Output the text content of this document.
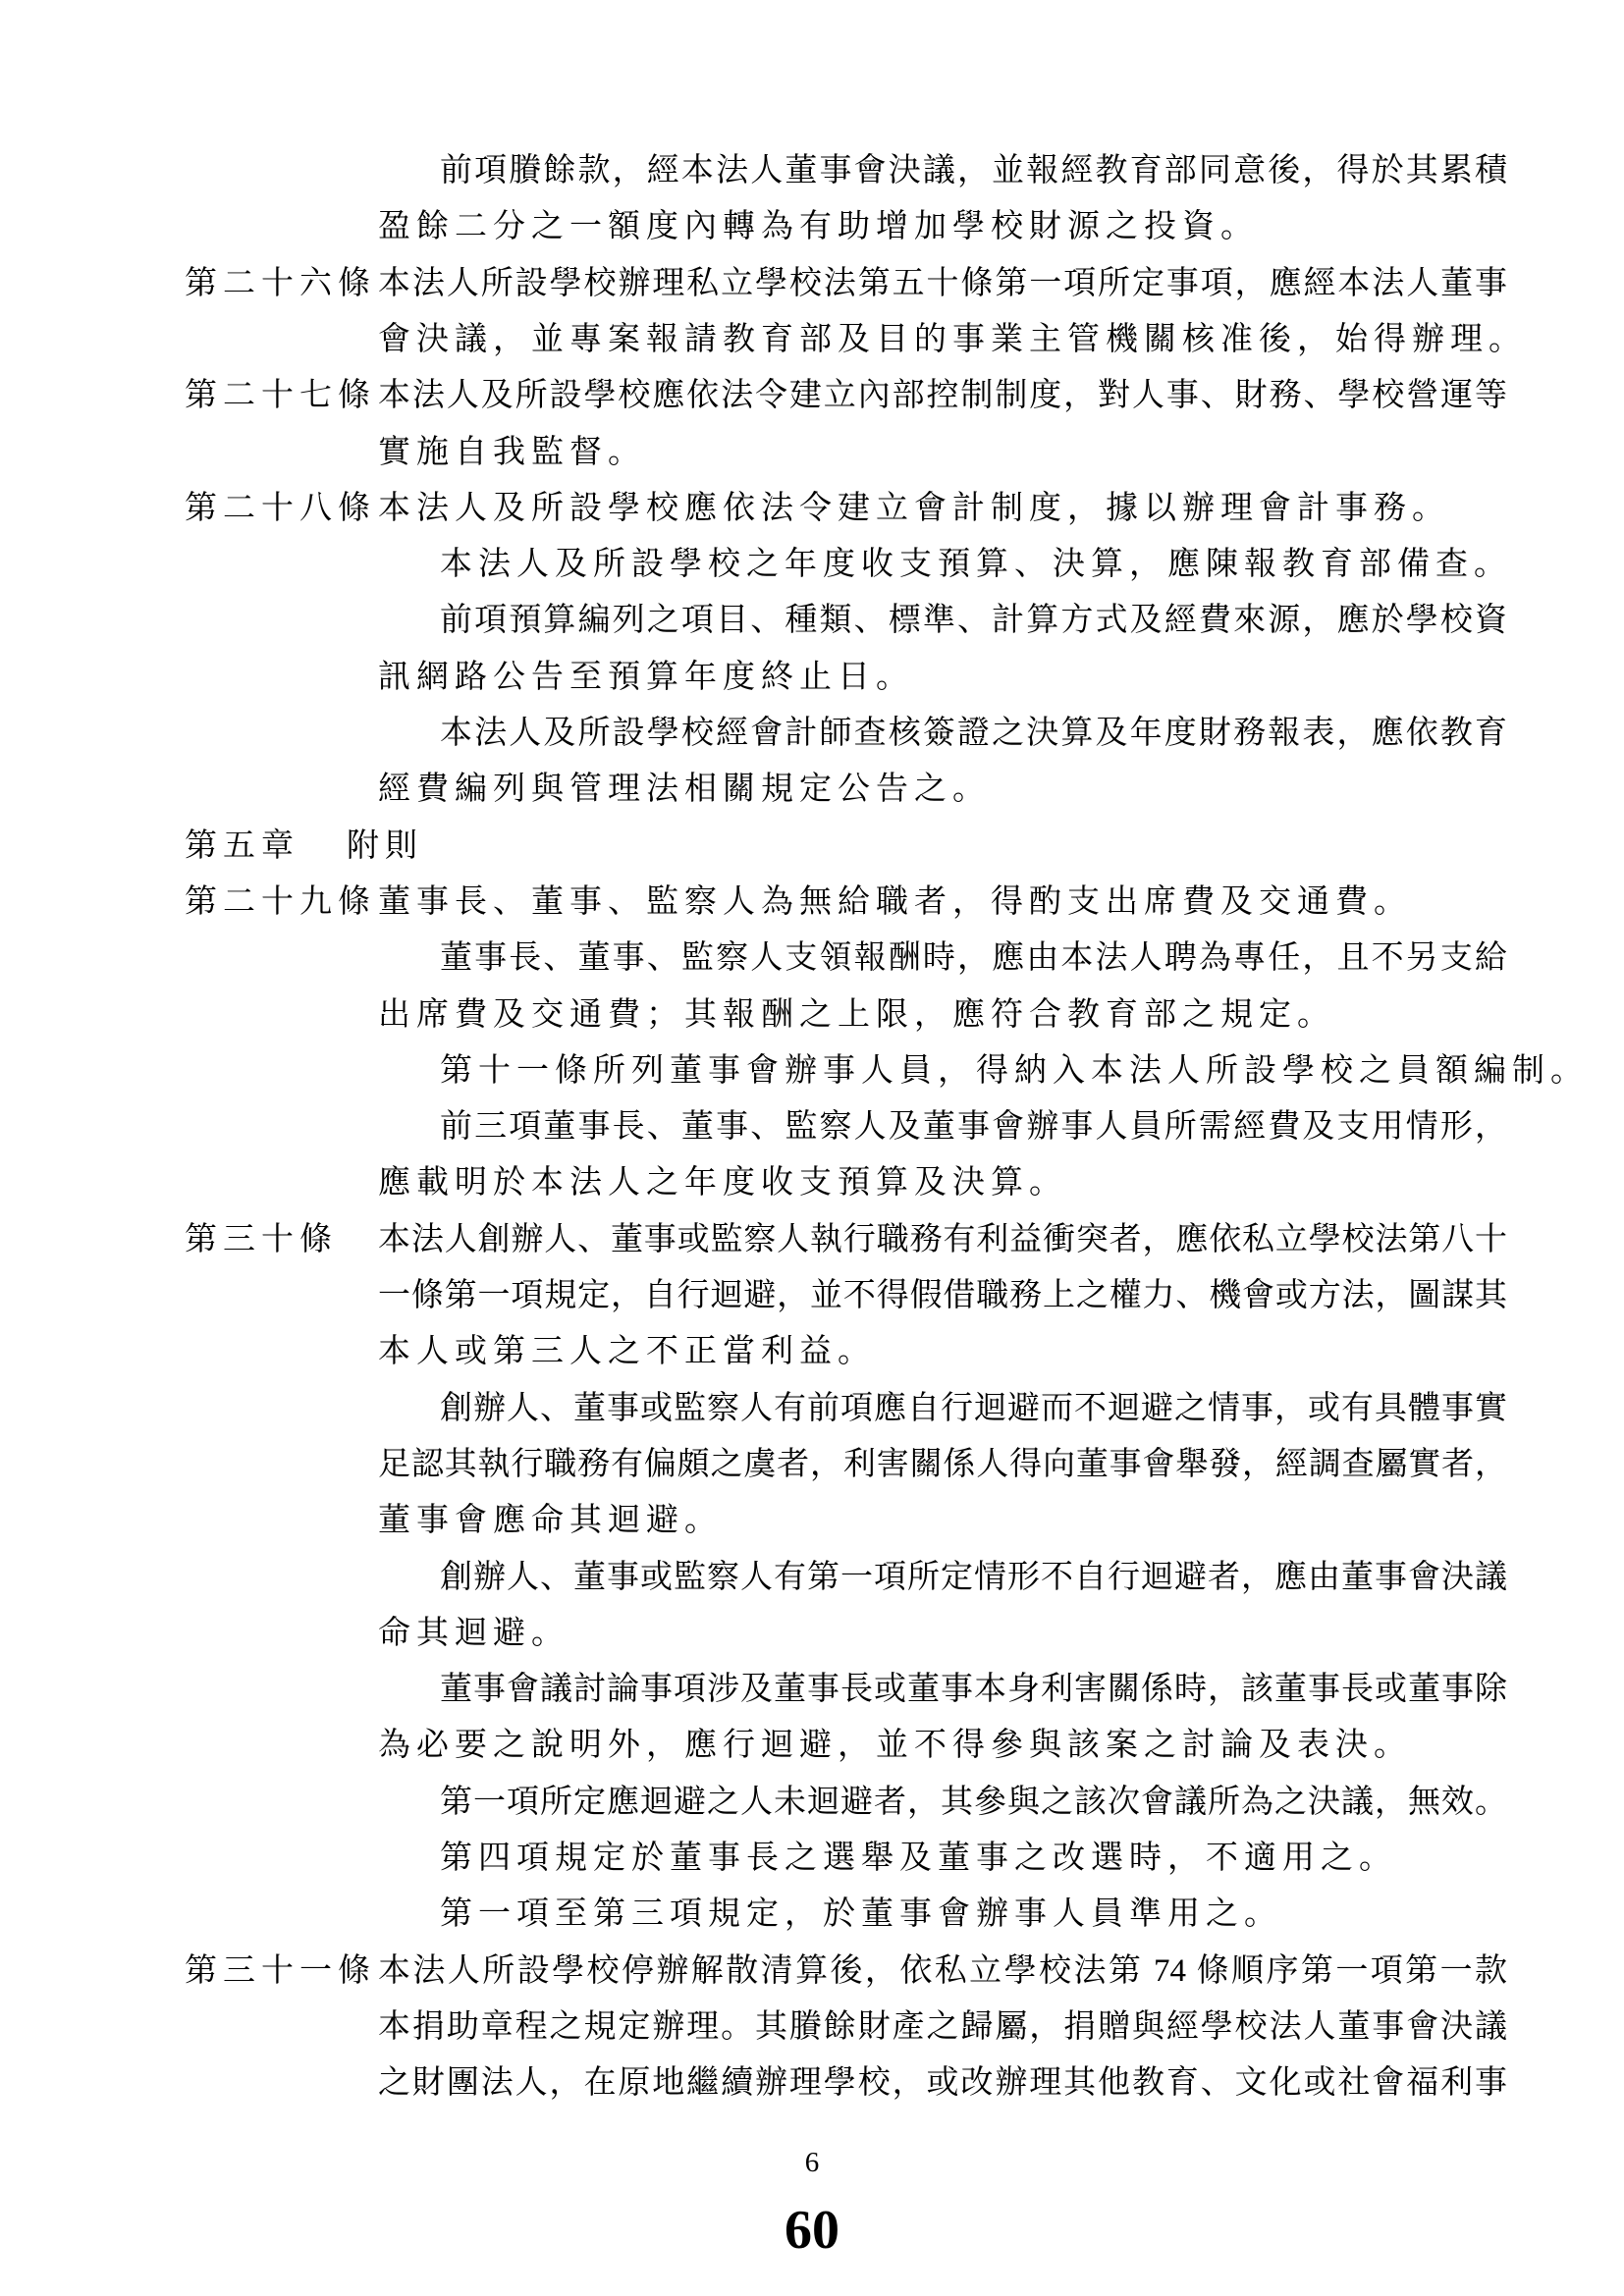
前項賸餘款，經本法人董事會決議，並報經教育部同意後，得於其累積
盈餘二分之一額度內轉為有助增加學校財源之投資。
第二十六條 本法人所設學校辦理私立學校法第五十條第一項所定事項，應經本法人董事
會決議，並專案報請教育部及目的事業主管機關核准後，始得辦理。
第二十七條 本法人及所設學校應依法令建立內部控制制度，對人事、財務、學校營運等
實施自我監督。
第二十八條 本法人及所設學校應依法令建立會計制度，據以辦理會計事務。
本法人及所設學校之年度收支預算、決算，應陳報教育部備查。
前項預算編列之項目、種類、標準、計算方式及經費來源，應於學校資
訊網路公告至預算年度終止日。
本法人及所設學校經會計師查核簽證之決算及年度財務報表，應依教育
經費編列與管理法相關規定公告之。
第五章 附則
第二十九條 董事長、董事、監察人為無給職者，得酌支出席費及交通費。
董事長、董事、監察人支領報酬時，應由本法人聘為專任，且不另支給
出席費及交通費；其報酬之上限，應符合教育部之規定。
第十一條所列董事會辦事人員，得納入本法人所設學校之員額編制。
前三項董事長、董事、監察人及董事會辦事人員所需經費及支用情形，
應載明於本法人之年度收支預算及決算。
第三十條 本法人創辦人、董事或監察人執行職務有利益衝突者，應依私立學校法第八十
一條第一項規定，自行迴避，並不得假借職務上之權力、機會或方法，圖謀其
本人或第三人之不正當利益。
創辦人、董事或監察人有前項應自行迴避而不迴避之情事，或有具體事實
足認其執行職務有偏頗之虞者，利害關係人得向董事會舉發，經調查屬實者，
董事會應命其迴避。
創辦人、董事或監察人有第一項所定情形不自行迴避者，應由董事會決議
命其迴避。
董事會議討論事項涉及董事長或董事本身利害關係時，該董事長或董事除
為必要之說明外，應行迴避，並不得參與該案之討論及表決。
第一項所定應迴避之人未迴避者，其參與之該次會議所為之決議，無效。
第四項規定於董事長之選舉及董事之改選時，不適用之。
第一項至第三項規定，於董事會辦事人員準用之。
第三十一條 本法人所設學校停辦解散清算後，依私立學校法第 74 條順序第一項第一款
本捐助章程之規定辦理。其賸餘財產之歸屬，捐贈與經學校法人董事會決議
之財團法人，在原地繼續辦理學校，或改辦理其他教育、文化或社會福利事
6
60
